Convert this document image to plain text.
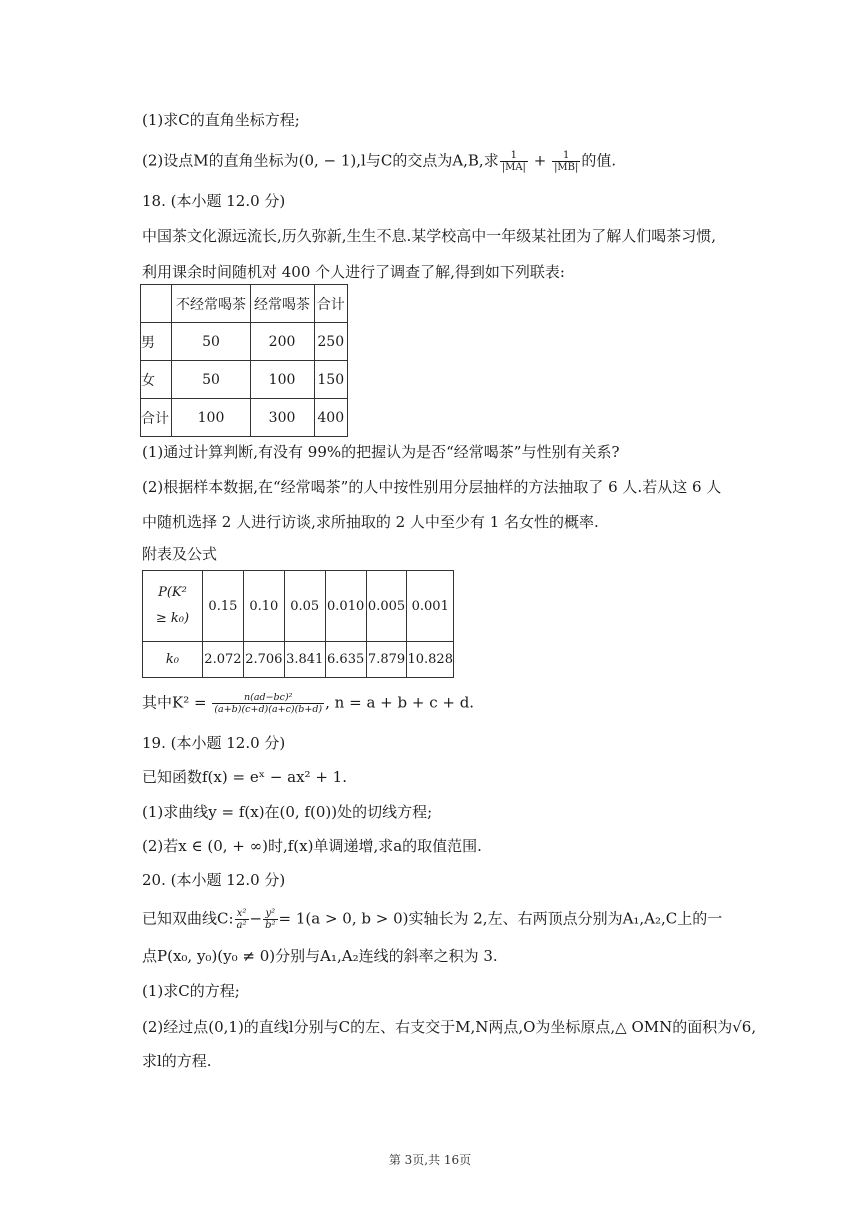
(1)求C的直角坐标方程;
(2)设点M的直角坐标为(0, − 1),l与C的交点为A,B,求 $\frac{1}{|MA|} + \frac{1}{|MB|}$ 的值.
18. (本小题 12.0 分)
中国茶文化源远流长,历久弥新,生生不息.某学校高中一年级某社团为了解人们喝茶习惯,
利用课余时间随机对 400 个人进行了调查了解,得到如下列联表:
	不经常喝茶	经常喝茶	合计
男	50	200	250
女	50	100	150
合计	100	300	400
(1)通过计算判断,有没有 99%的把握认为是否“经常喝茶”与性别有关系?
(2)根据样本数据,在“经常喝茶”的人中按性别用分层抽样的方法抽取了 6 人.若从这 6 人
中随机选择 2 人进行访谈,求所抽取的 2 人中至少有 1 名女性的概率.
附表及公式
P(K²
≥ k₀)	0.15	0.10	0.05	0.010	0.005	0.001
k₀	2.072	2.706	3.841	6.635	7.879	10.828
其中$K^2 = \frac{\text{n(ad−bc)²}}{(a+b)(c+d)(a+c)(b+d)}$ , n = a + b + c + d.
19. (本小题 12.0 分)
已知函数f(x) = eˣ − ax² + 1.
(1)求曲线y = f(x)在(0, f(0))处的切线方程;
(2)若x ∈ (0, + ∞)时,f(x)单调递增,求a的取值范围.
20. (本小题 12.0 分)
已知双曲线C: $\frac{\text{x²}}{\text{a²}} - \frac{\text{y²}}{\text{b²}} = 1(a > 0$, b > 0)实轴长为 2,左、右两顶点分别为A₁,A₂,C上的一
点P(x₀, y₀)(y₀ ≠ 0)分别与A₁,A₂连线的斜率之积为 3.
(1)求C的方程;
(2)经过点(0,1)的直线l分别与C的左、右支交于M,N两点,O为坐标原点,△ OMN的面积为√6,
求l的方程.
第 3页,共 16页
